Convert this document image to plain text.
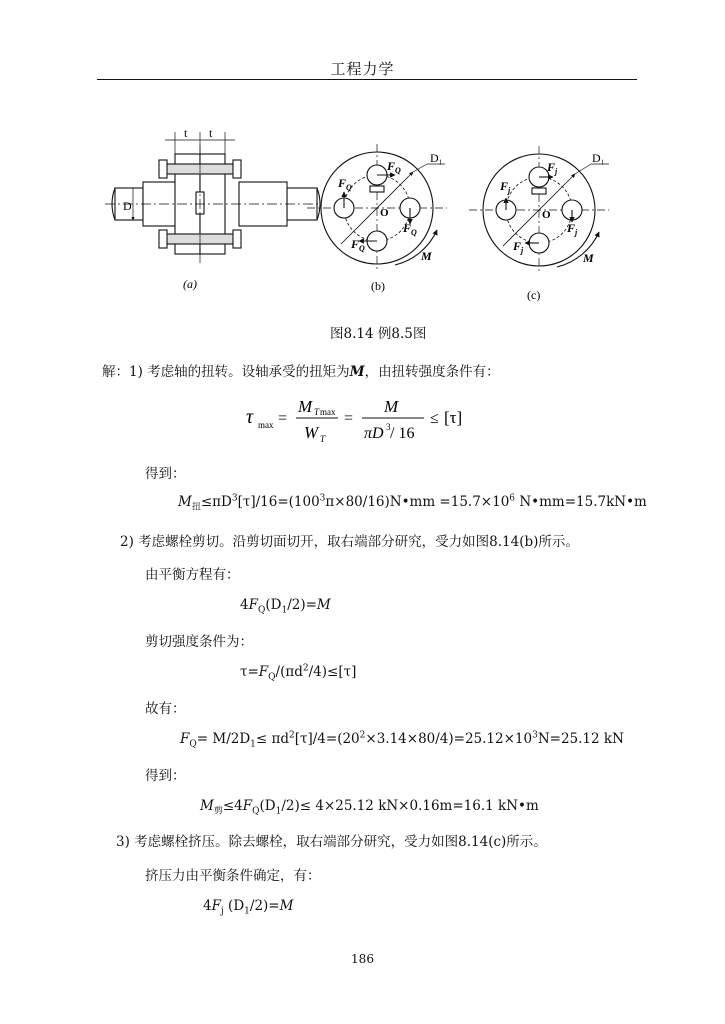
工程力学
t t
D
(a)
D₁
$F_Q$
$F_Q$
$F_Q$
$F_Q$
O
M
(b)
D₁
$F_j$
$F_j$
$F_j$
$F_j$
O
M
(c)
图8.14 例8.5图
解：1) 考虑轴的扭转。设轴承受的扭矩为M，由扭转强度条件有：
τ max =
M T max
W T
=
M
πD 3 / 16
≤ [τ]
得到：
$M_扭\le\pi D^3[\tau]/16=(100^3\pi\times 80/16)N•mm =15.7\times 10^6$ N•mm=15.7kN•m
2) 考虑螺栓剪切。沿剪切面切开，取右端部分研究，受力如图8.14(b)所示。
由平衡方程有：
$4F_Q(D_1/2)=M$
剪切强度条件为：
$\tau=F_Q/(\pi d^2/4)\le[\tau]$
故有：
$F_Q= M/2D_1\le \pi d^2[\tau]/4=(20^2\times 3.14\times 80/4)=25.12\times 10^3N=25.12$ kN
得到：
$M_剪\le 4F_Q(D_1/2)\le 4\times 25.12$ kN×0.16m=16.1 kN•m
3) 考虑螺栓挤压。除去螺栓，取右端部分研究，受力如图8.14(c)所示。
挤压力由平衡条件确定，有：
$4F_j$ $(D_1/2)=M$
186
